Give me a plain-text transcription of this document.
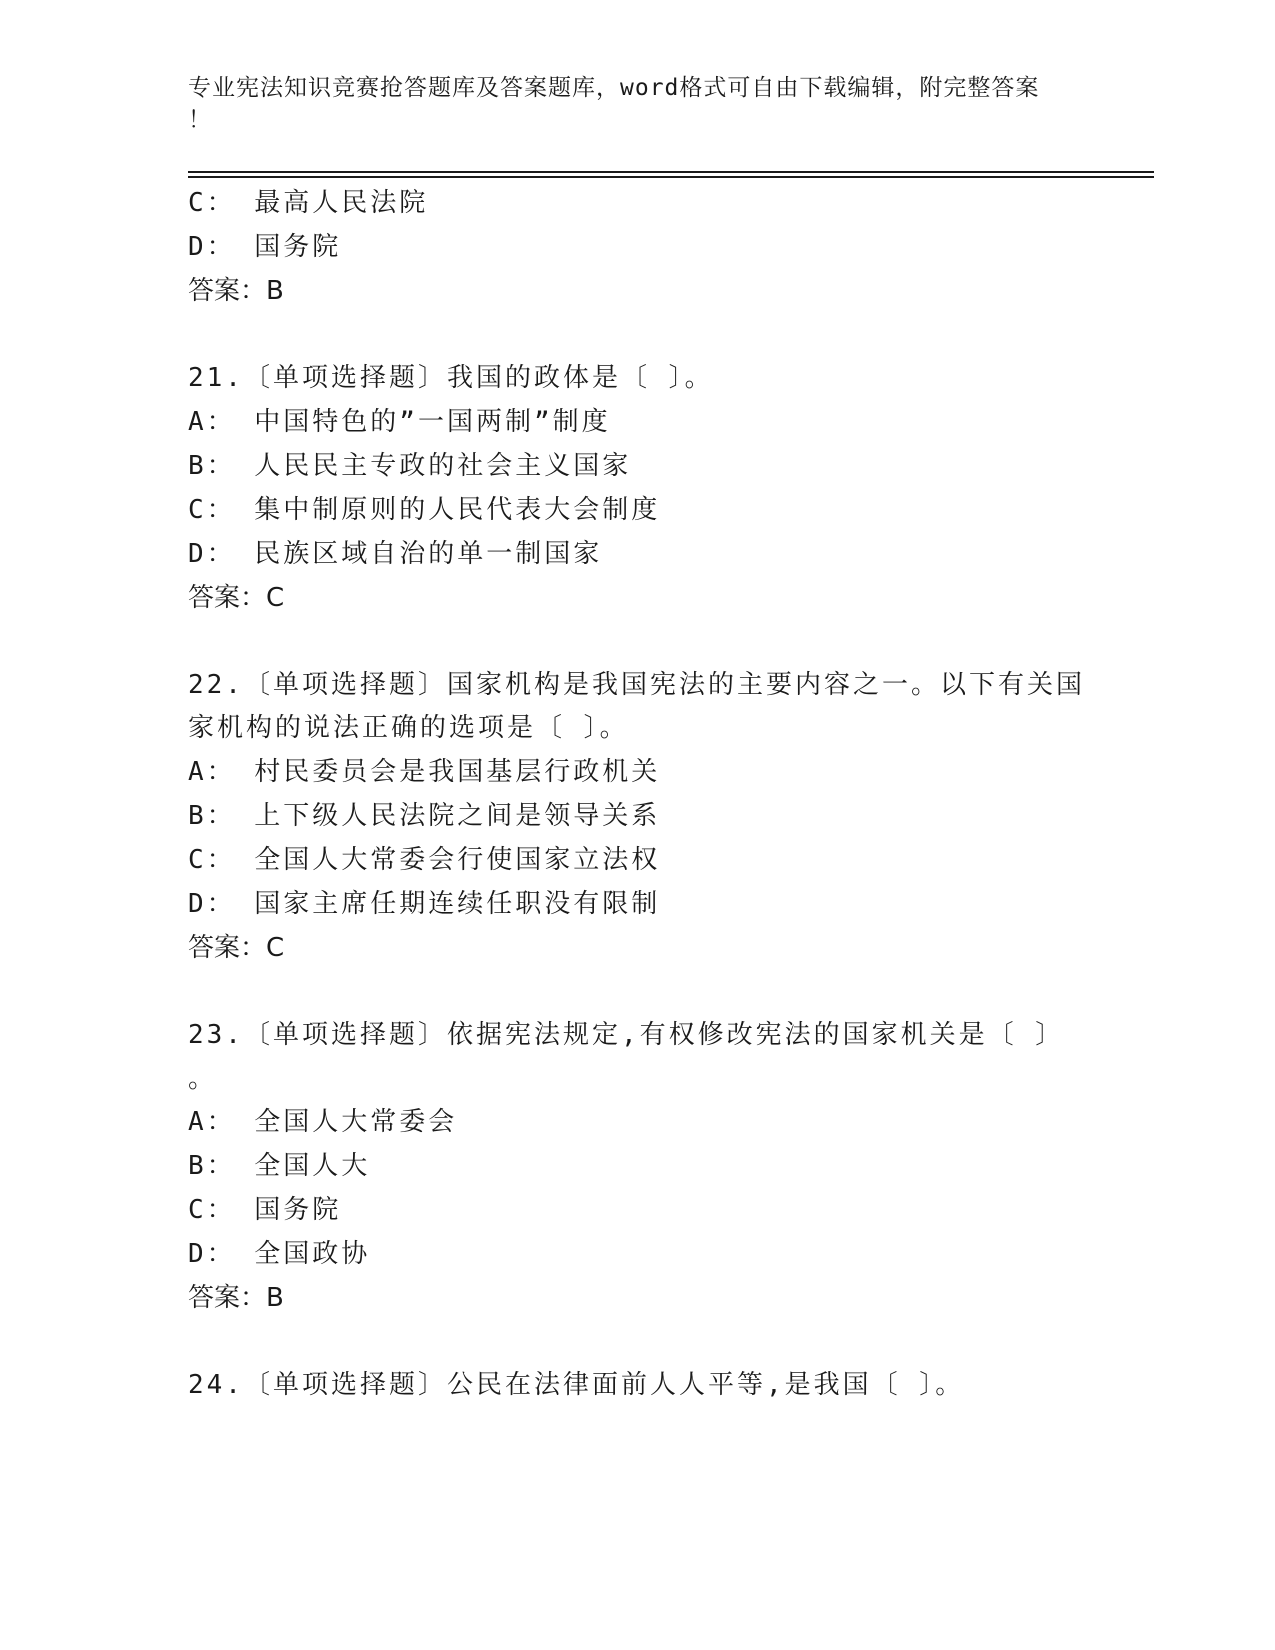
专业宪法知识竞赛抢答题库及答案题库，word格式可自由下载编辑，附完整答案
！
C： 最高人民法院
D： 国务院
答案：B
21.〔单项选择题〕我国的政体是〔 〕。
A： 中国特色的”一国两制”制度
B： 人民民主专政的社会主义国家
C： 集中制原则的人民代表大会制度
D： 民族区域自治的单一制国家
答案：C
22.〔单项选择题〕国家机构是我国宪法的主要内容之一。以下有关国
家机构的说法正确的选项是〔 〕。
A： 村民委员会是我国基层行政机关
B： 上下级人民法院之间是领导关系
C： 全国人大常委会行使国家立法权
D： 国家主席任期连续任职没有限制
答案：C
23.〔单项选择题〕依据宪法规定,有权修改宪法的国家机关是〔 〕
。
A： 全国人大常委会
B： 全国人大
C： 国务院
D： 全国政协
答案：B
24.〔单项选择题〕公民在法律面前人人平等,是我国〔 〕。
